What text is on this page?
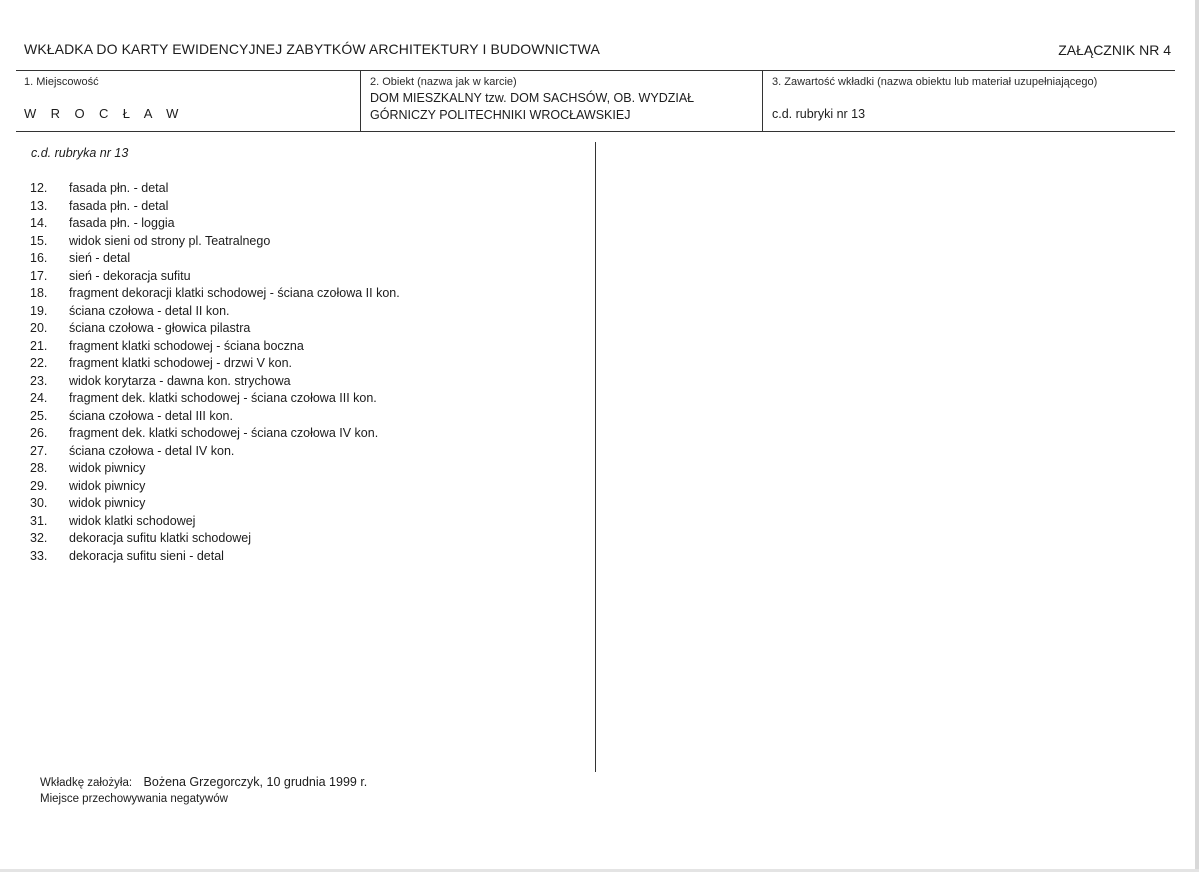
WKŁADKA DO KARTY EWIDENCYJNEJ ZABYTKÓW ARCHITEKTURY I BUDOWNICTWA	ZAŁĄCZNIK NR 4
1. Miejscowość
W R O C Ł A W
2. Obiekt (nazwa jak w karcie)
DOM MIESZKALNY tzw. DOM SACHSÓW, OB. WYDZIAŁ
GÓRNICZY POLITECHNIKI WROCŁAWSKIEJ
3. Zawartość wkładki (nazwa obiektu lub materiał uzupełniającego)
c.d. rubryki nr 13
c.d. rubryka nr 13
12. fasada płn. - detal
13. fasada płn. - detal
14. fasada płn. - loggia
15. widok sieni od strony pl. Teatralnego
16. sień - detal
17. sień - dekoracja sufitu
18. fragment dekoracji klatki schodowej - ściana czołowa II kon.
19. ściana czołowa - detal II kon.
20. ściana czołowa - głowica pilastra
21. fragment klatki schodowej - ściana boczna
22. fragment klatki schodowej - drzwi V kon.
23. widok korytarza - dawna kon. strychowa
24. fragment dek. klatki schodowej - ściana czołowa III kon.
25. ściana czołowa - detal III kon.
26. fragment dek. klatki schodowej - ściana czołowa IV kon.
27. ściana czołowa - detal IV kon.
28. widok piwnicy
29. widok piwnicy
30. widok piwnicy
31. widok klatki schodowej
32. dekoracja sufitu klatki schodowej
33. dekoracja sufitu sieni - detal
Wkładkę założyła: Bożena Grzegorczyk, 10 grudnia 1999 r.
Miejsce przechowywania negatywów
